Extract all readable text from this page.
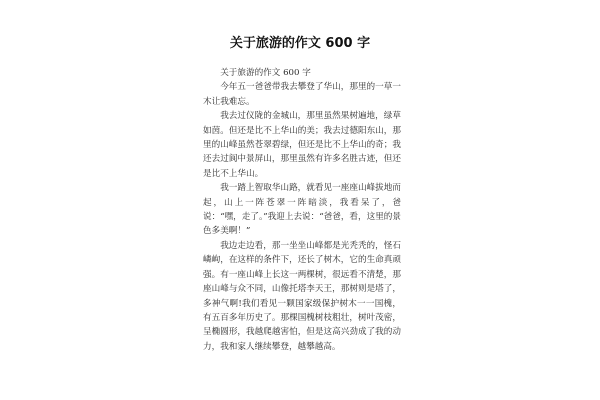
关于旅游的作文 600 字

关于旅游的作文 600 字

今年五一爸爸带我去攀登了华山，那里的一草一木让我难忘。

我去过仪陇的金城山，那里虽然果树遍地，绿草如茵。但还是比不上华山的美；我去过德阳东山，那里的山峰虽然苍翠碧绿，但还是比不上华山的奇；我还去过阆中景屏山，那里虽然有许多名胜古迹，但还是比不上华山。

我一踏上智取华山路，就看见一座座山峰拔地而起，山上一阵苍翠一阵暗淡，我看呆了，爸说：“嘿，走了。”我迎上去说：“爸爸，看，这里的景色多美啊！”

我边走边看，那一坐坐山峰都是光秃秃的，怪石嶙峋，在这样的条件下，还长了树木，它的生命真顽强。有一座山峰上长这一两棵树，很远看不清楚，那座山峰与众不同，山像托塔李天王，那树则是塔了，多神气啊!我们看见一颗国家级保护树木一一国槐，有五百多年历史了。那棵国槐树枝粗壮，树叶茂密，呈椭圆形，我越爬越害怕，但是这高兴劲成了我的动力，我和家人继续攀登，越攀越高。
